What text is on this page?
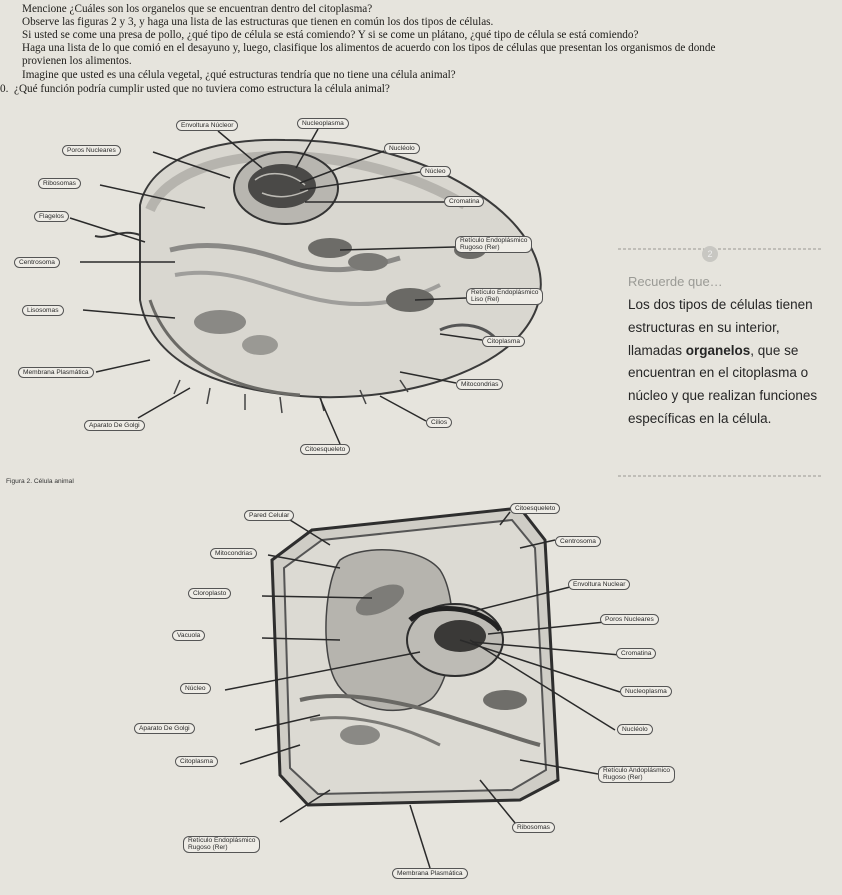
Mencione ¿Cuáles son los organelos que se encuentran dentro del citoplasma?
Observe las figuras 2 y 3, y haga una lista de las estructuras que tienen en común los dos tipos de células.
Si usted se come una presa de pollo, ¿qué tipo de célula se está comiendo? Y si se come un plátano, ¿qué tipo de célula se está comiendo?
Haga una lista de lo que comió en el desayuno y, luego, clasifique los alimentos de acuerdo con los tipos de células que presentan los organismos de donde
provienen los alimentos.
Imagine que usted es una célula vegetal, ¿qué estructuras tendría que no tiene una célula animal?
0. ¿Qué función podría cumplir usted que no tuviera como estructura la célula animal?
Envoltura Núcleor	Nucleoplasma
Poros Nucleares	Nucléolo
Ribosomas
Núcleo
Cromatina
Flagelos
Retículo Endoplásmico
Rugoso (Rer)
Centrosoma
Retículo Endoplásmico
Liso (Rel)
Lisosomas
Citoplasma
Membrana Plasmática
Mitocondrias
Aparato De Golgi	Cilios
Citoesqueleto
Figura 2. Célula animal
2
Recuerde que…
Los dos tipos de células tienen estructuras en su interior, llamadas organelos, que se encuentran en el citoplasma o núcleo y que realizan funciones específicas en la célula.
Pared Celular
Citoesqueleto
Mitocondrias
Centrosoma
Cloroplasto
Envoltura Nuclear
Poros Nucleares
Vacuola
Cromatina
Núcleo	Nucleoplasma
Aparato De Golgi	Nucléolo
Citoplasma
Retículo Andoplásmico
Rugoso (Rer)
Ribosomas
Retículo Endoplásmico
Rugoso (Rer)
Membrana Plasmática
